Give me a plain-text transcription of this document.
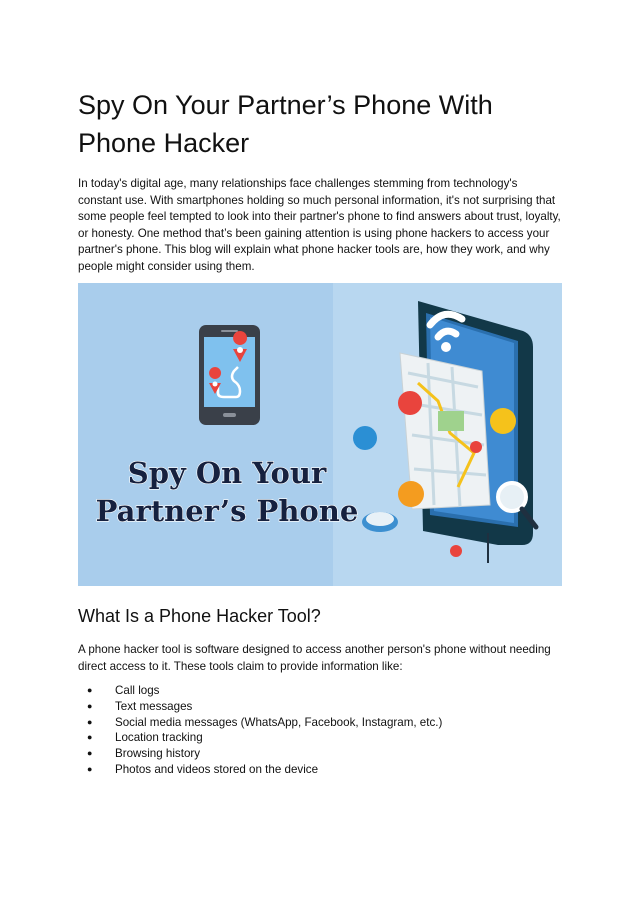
Spy On Your Partner’s Phone With Phone Hacker

In today's digital age, many relationships face challenges stemming from technology's constant use. With smartphones holding so much personal information, it's not surprising that some people feel tempted to look into their partner's phone to find answers about trust, loyalty, or honesty. One method that’s been gaining attention is using phone hackers to access your partner's phone. This blog will explain what phone hacker tools are, how they work, and why people might consider using them.

Spy On Your
Partner’s Phone
What Is a Phone Hacker Tool?

A phone hacker tool is software designed to access another person's phone without needing direct access to it. These tools claim to provide information like:

● Call logs
● Text messages
● Social media messages (WhatsApp, Facebook, Instagram, etc.)
● Location tracking
● Browsing history
● Photos and videos stored on the device
